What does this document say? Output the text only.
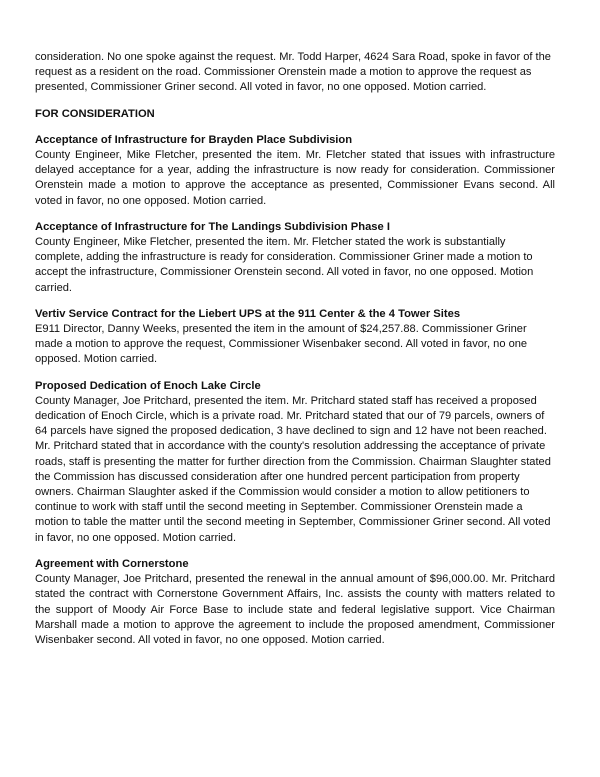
consideration. No one spoke against the request. Mr. Todd Harper, 4624 Sara Road, spoke in favor of the request as a resident on the road. Commissioner Orenstein made a motion to approve the request as presented, Commissioner Griner second. All voted in favor, no one opposed. Motion carried.

FOR CONSIDERATION

Acceptance of Infrastructure for Brayden Place Subdivision

County Engineer, Mike Fletcher, presented the item. Mr. Fletcher stated that issues with infrastructure delayed acceptance for a year, adding the infrastructure is now ready for consideration. Commissioner Orenstein made a motion to approve the acceptance as presented, Commissioner Evans second. All voted in favor, no one opposed. Motion carried.

Acceptance of Infrastructure for The Landings Subdivision Phase I

County Engineer, Mike Fletcher, presented the item. Mr. Fletcher stated the work is substantially complete, adding the infrastructure is ready for consideration. Commissioner Griner made a motion to accept the infrastructure, Commissioner Orenstein second. All voted in favor, no one opposed. Motion carried.

Vertiv Service Contract for the Liebert UPS at the 911 Center & the 4 Tower Sites

E911 Director, Danny Weeks, presented the item in the amount of $24,257.88. Commissioner Griner made a motion to approve the request, Commissioner Wisenbaker second. All voted in favor, no one opposed. Motion carried.

Proposed Dedication of Enoch Lake Circle

County Manager, Joe Pritchard, presented the item. Mr. Pritchard stated staff has received a proposed dedication of Enoch Circle, which is a private road. Mr. Pritchard stated that our of 79 parcels, owners of 64 parcels have signed the proposed dedication, 3 have declined to sign and 12 have not been reached. Mr. Pritchard stated that in accordance with the county's resolution addressing the acceptance of private roads, staff is presenting the matter for further direction from the Commission. Chairman Slaughter stated the Commission has discussed consideration after one hundred percent participation from property owners. Chairman Slaughter asked if the Commission would consider a motion to allow petitioners to continue to work with staff until the second meeting in September. Commissioner Orenstein made a motion to table the matter until the second meeting in September, Commissioner Griner second. All voted in favor, no one opposed. Motion carried.

Agreement with Cornerstone

County Manager, Joe Pritchard, presented the renewal in the annual amount of $96,000.00. Mr. Pritchard stated the contract with Cornerstone Government Affairs, Inc. assists the county with matters related to the support of Moody Air Force Base to include state and federal legislative support. Vice Chairman Marshall made a motion to approve the agreement to include the proposed amendment, Commissioner Wisenbaker second. All voted in favor, no one opposed. Motion carried.
